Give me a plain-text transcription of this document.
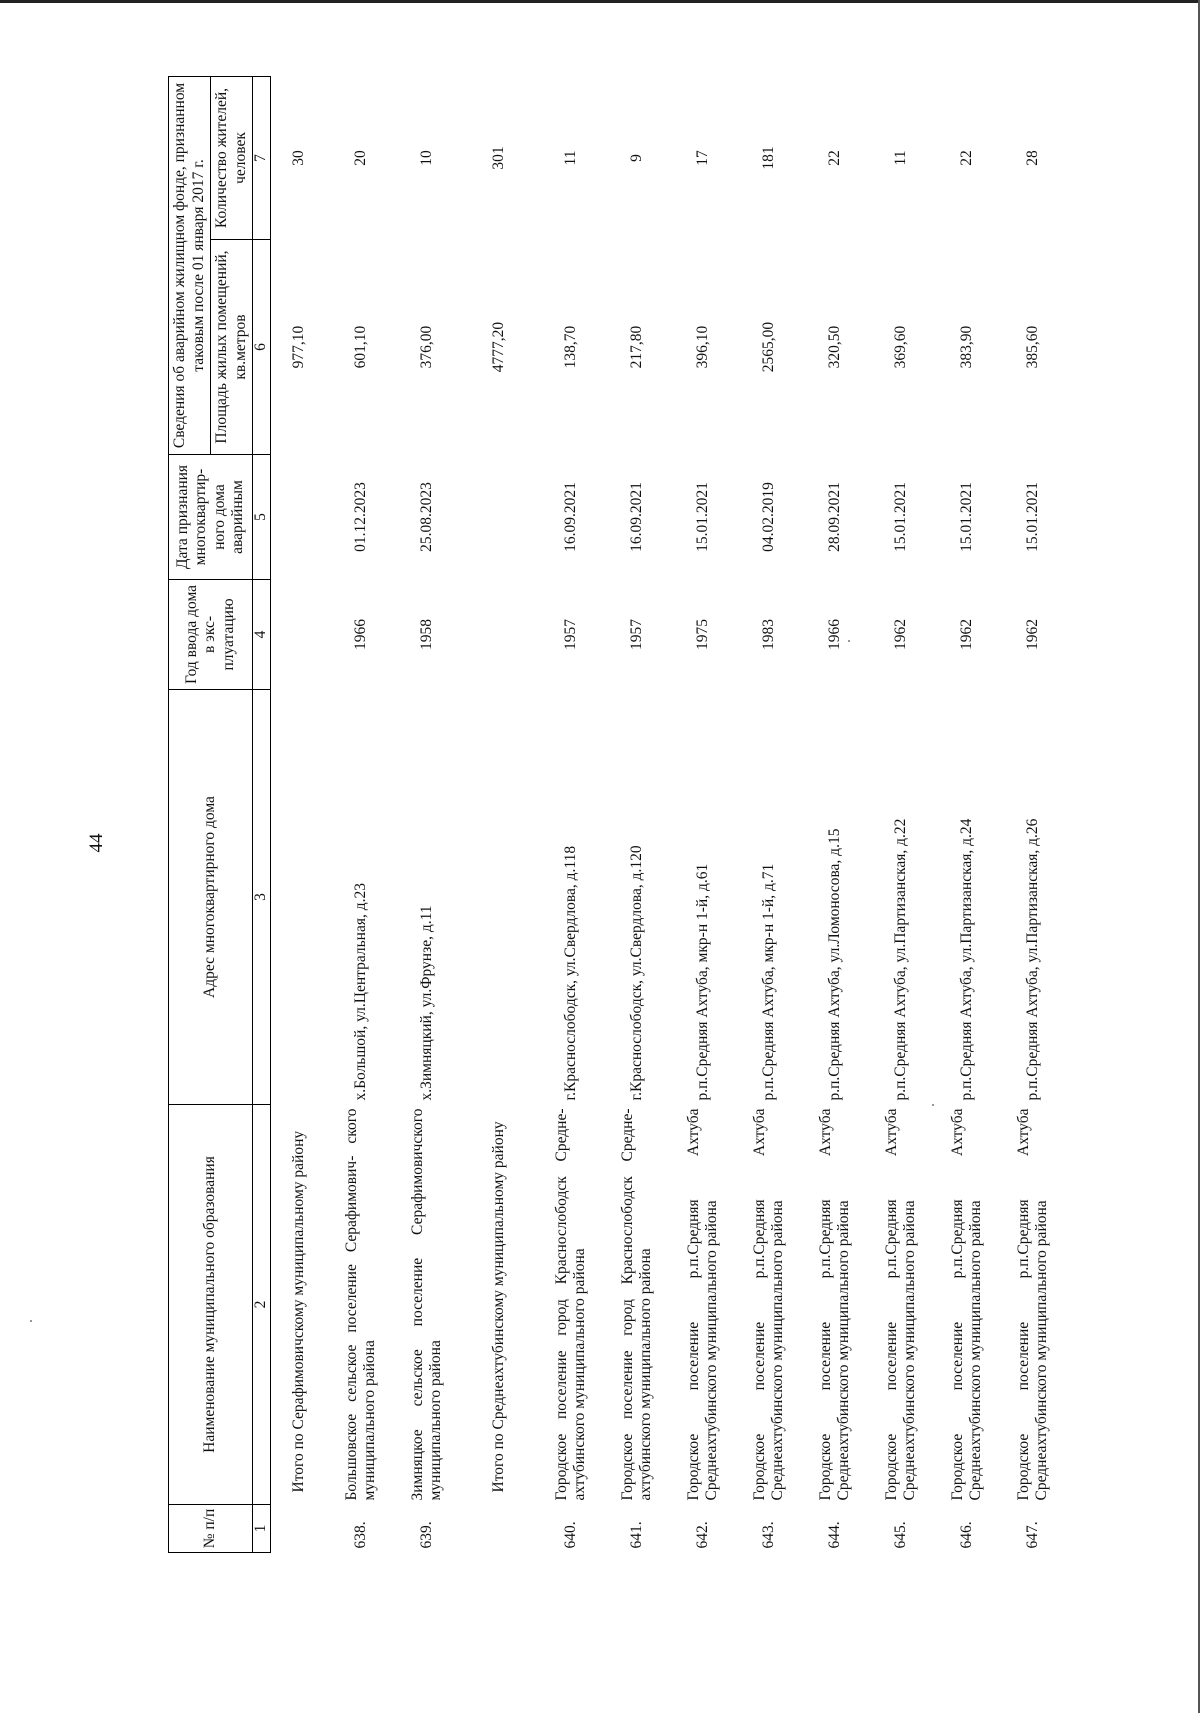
44
№ п/п	Наименование муниципального образования	Адрес многоквартирного дома	Год ввода дома в экс- плуатацию	Дата признания многоквартир- ного дома аварийным	Сведения об аварийном жилищном фонде, признанном таковым после 01 января 2017 г.	
					Площадь жилых помещений, кв.метров	Количество жителей, человек
1	2	3	4	5	6	7
	Итого по Серафимовичскому муниципальному району				977,10	30
638.	Большовское сельское поселение Серафимович- ского муниципального района	х.Большой, ул.Центральная, д.23	1966	01.12.2023	601,10	20
639.	Зимняцкое сельское поселение Серафимовичского муниципального района	х.Зимняцкий, ул.Фрунзе, д.11	1958	25.08.2023	376,00	10
	Итого по Среднеахтубинскому муниципальному району				4777,20	301
640.	Городское поселение город Краснослободск Средне- ахтубинского муниципального района	г.Краснослободск, ул.Свердлова, д.118	1957	16.09.2021	138,70	11
641.	Городское поселение город Краснослободск Средне- ахтубинского муниципального района	г.Краснослободск, ул.Свердлова, д.120	1957	16.09.2021	217,80	9
642.	Городское поселение р.п.Средняя Ахтуба Среднеахтубинского муниципального района	р.п.Средняя Ахтуба, мкр-н 1-й, д.61	1975	15.01.2021	396,10	17
643.	Городское поселение р.п.Средняя Ахтуба Среднеахтубинского муниципального района	р.п.Средняя Ахтуба, мкр-н 1-й, д.71	1983	04.02.2019	2565,00	181
644.	Городское поселение р.п.Средняя Ахтуба Среднеахтубинского муниципального района	р.п.Средняя Ахтуба, ул.Ломоносова, д.15	1966	28.09.2021	320,50	22
645.	Городское поселение р.п.Средняя Ахтуба Среднеахтубинского муниципального района	р.п.Средняя Ахтуба, ул.Партизанская, д.22	1962	15.01.2021	369,60	11
646.	Городское поселение р.п.Средняя Ахтуба Среднеахтубинского муниципального района	р.п.Средняя Ахтуба, ул.Партизанская, д.24	1962	15.01.2021	383,90	22
647.	Городское поселение р.п.Средняя Ахтуба Среднеахтубинского муниципального района	р.п.Средняя Ахтуба, ул.Партизанская, д.26	1962	15.01.2021	385,60	28
